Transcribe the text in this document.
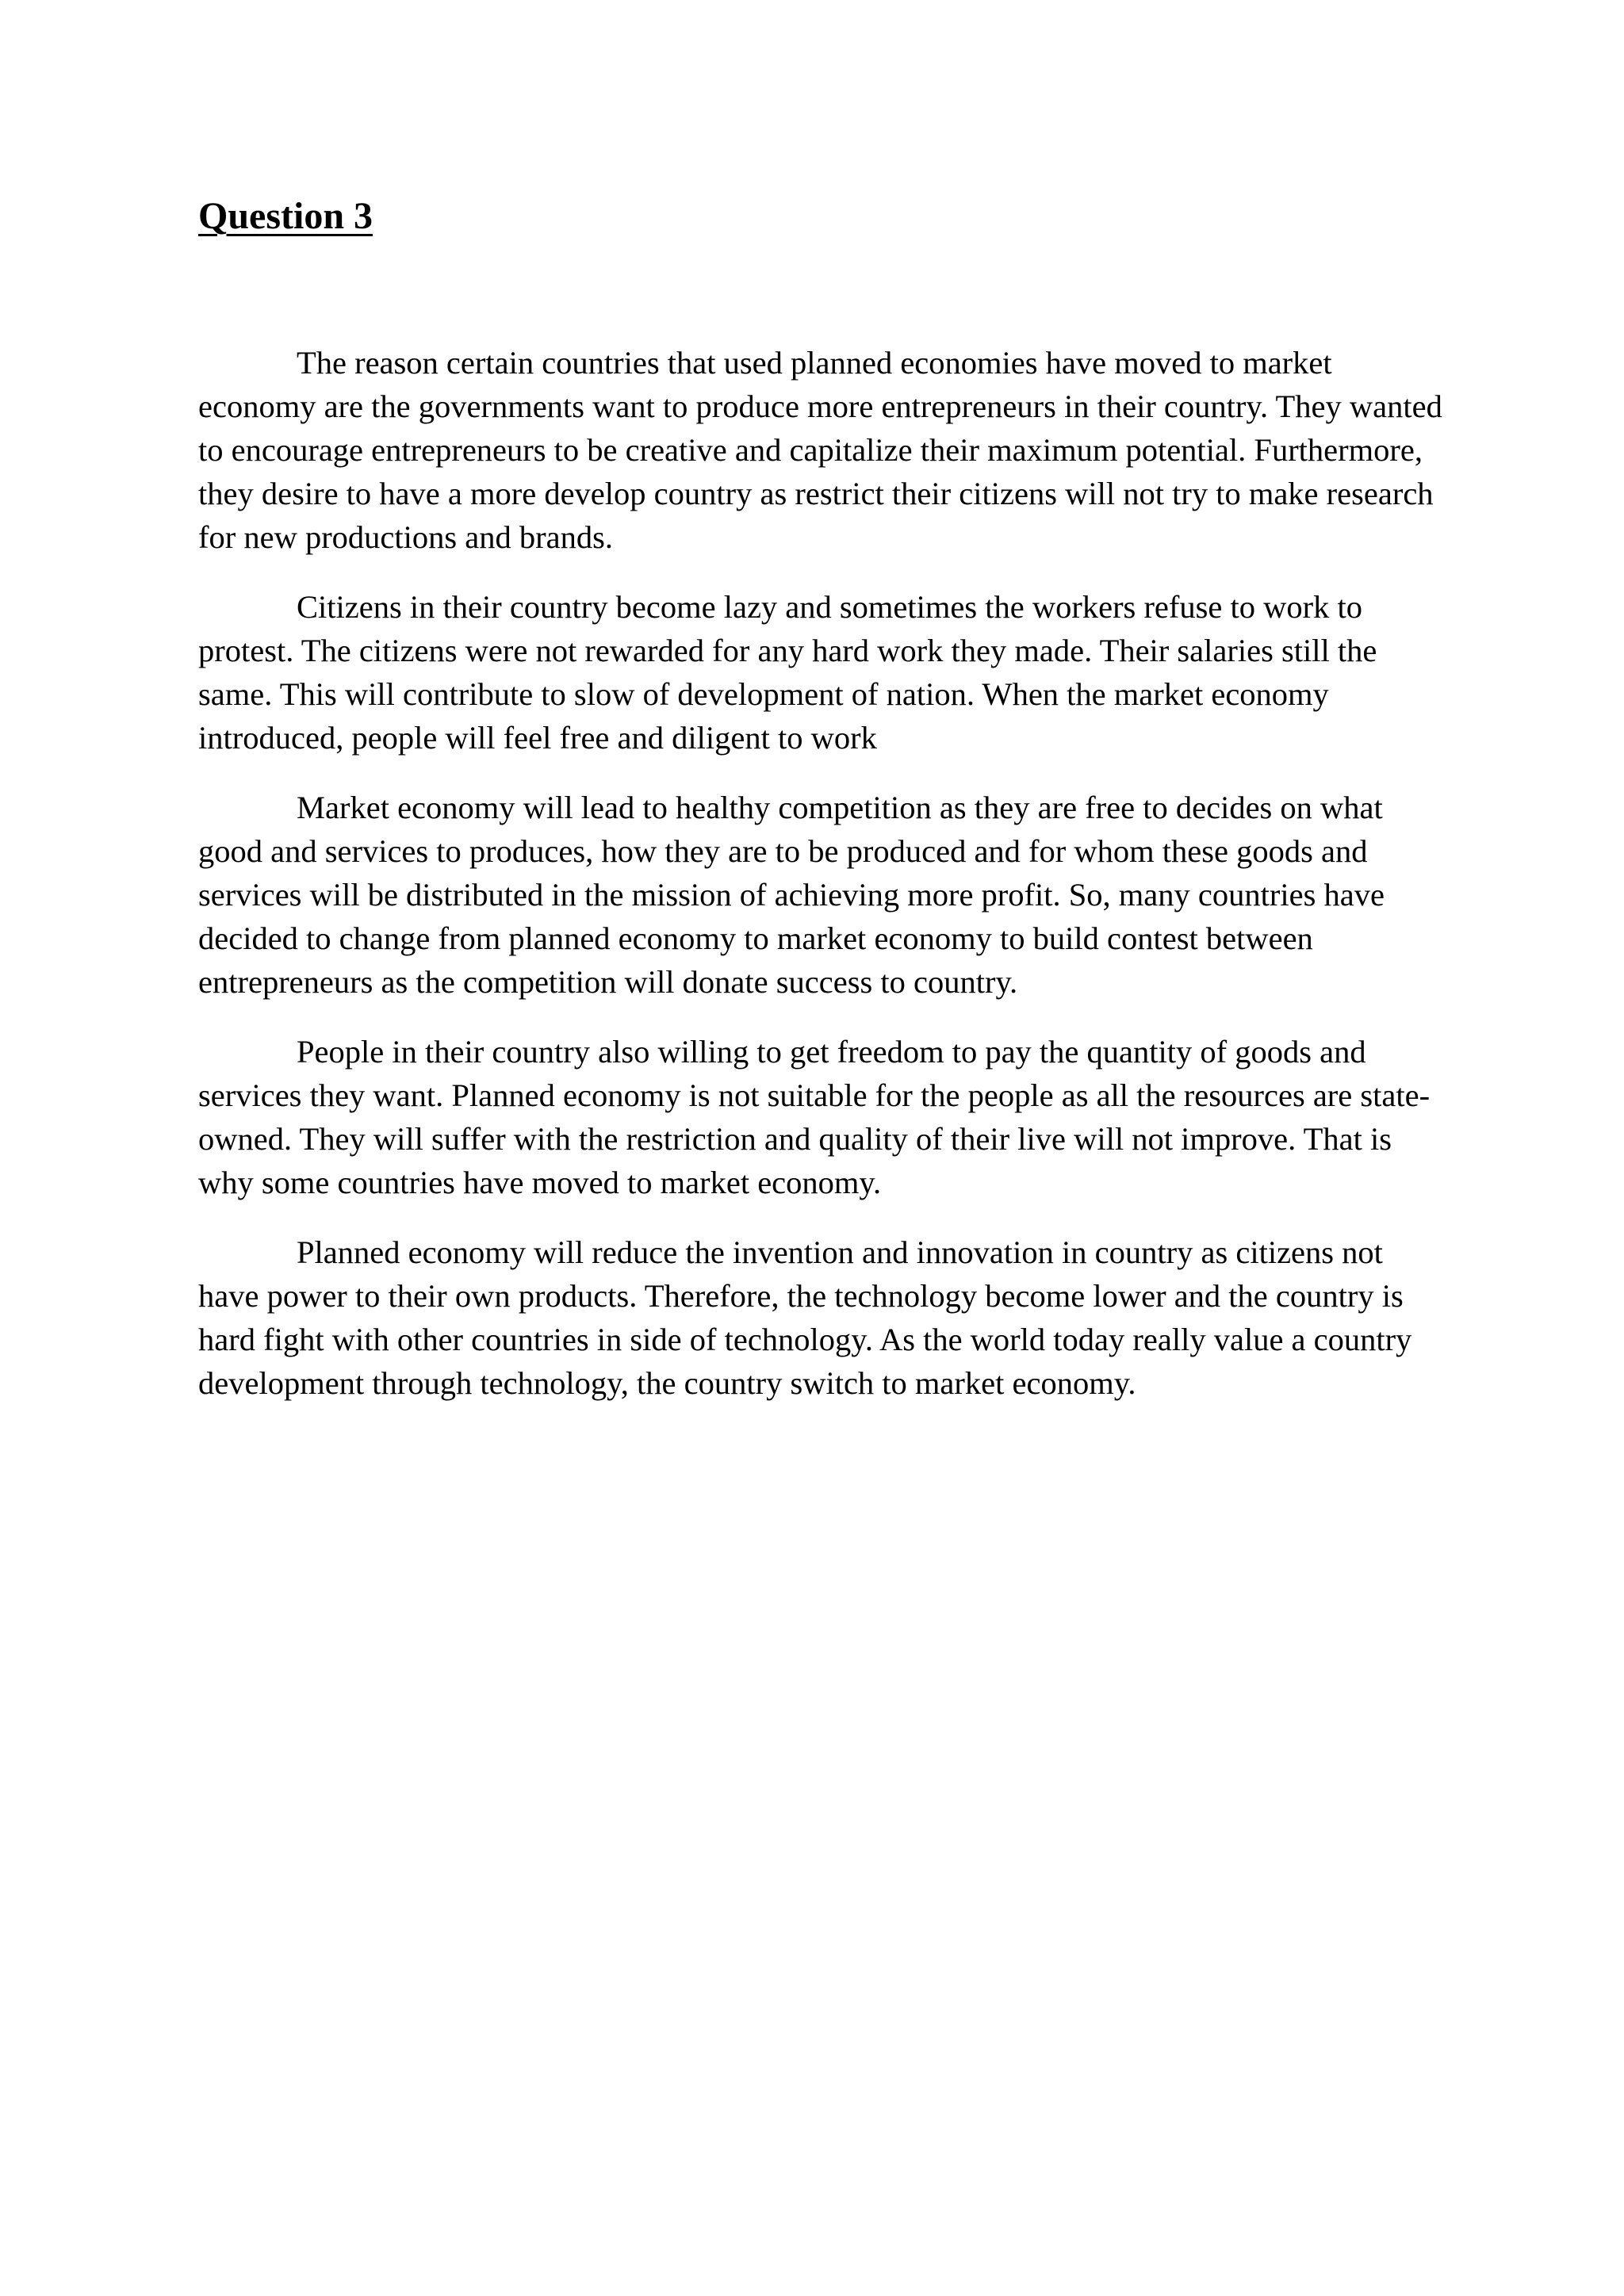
Question 3

The reason certain countries that used planned economies have moved to market economy are the governments want to produce more entrepreneurs in their country. They wanted to encourage entrepreneurs to be creative and capitalize their maximum potential. Furthermore, they desire to have a more develop country as restrict their citizens will not try to make research for new productions and brands.

Citizens in their country become lazy and sometimes the workers refuse to work to protest. The citizens were not rewarded for any hard work they made. Their salaries still the same. This will contribute to slow of development of nation. When the market economy introduced, people will feel free and diligent to work

Market economy will lead to healthy competition as they are free to decides on what good and services to produces, how they are to be produced and for whom these goods and services will be distributed in the mission of achieving more profit. So, many countries have decided to change from planned economy to market economy to build contest between entrepreneurs as the competition will donate success to country.

People in their country also willing to get freedom to pay the quantity of goods and services they want. Planned economy is not suitable for the people as all the resources are state-owned. They will suffer with the restriction and quality of their live will not improve. That is why some countries have moved to market economy.

Planned economy will reduce the invention and innovation in country as citizens not have power to their own products. Therefore, the technology become lower and the country is hard fight with other countries in side of technology. As the world today really value a country development through technology, the country switch to market economy.
